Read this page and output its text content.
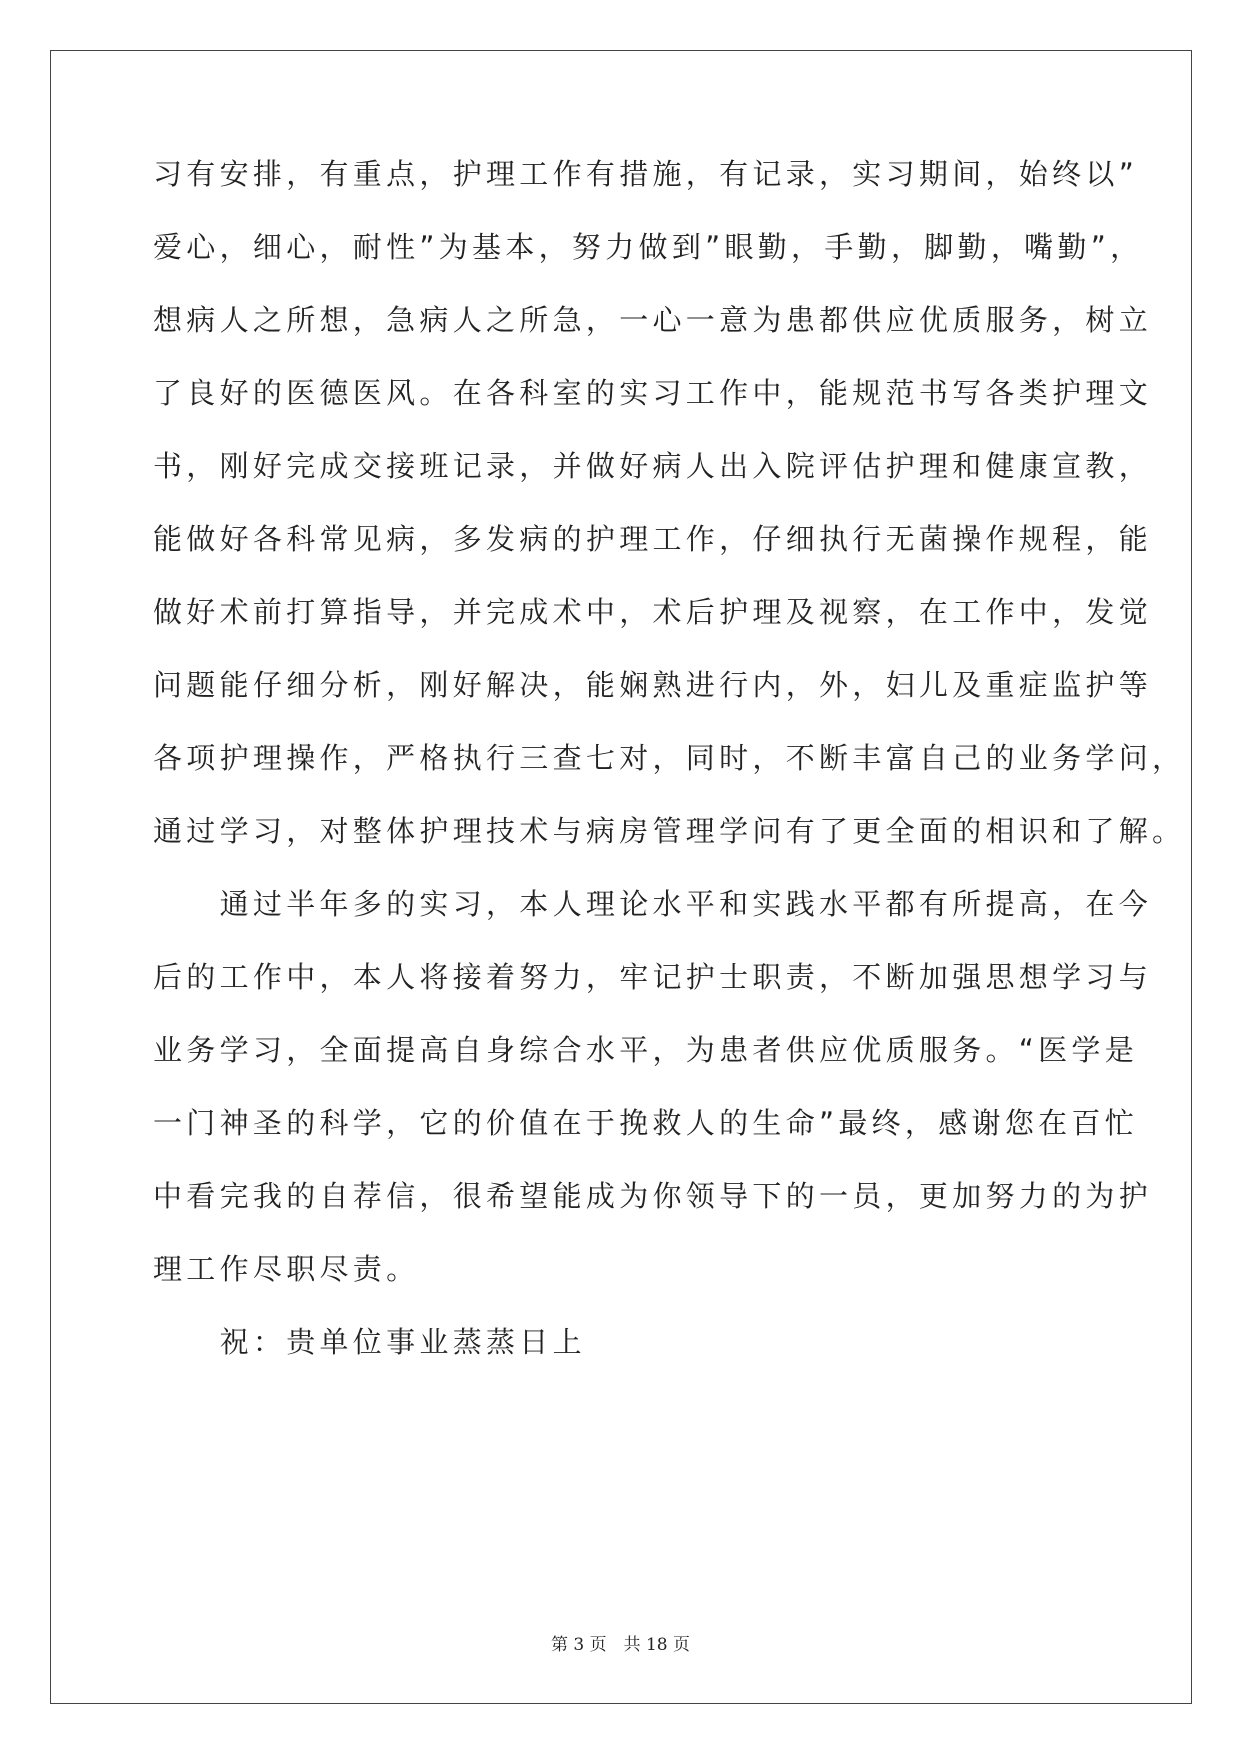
习有安排，有重点，护理工作有措施，有记录，实习期间，始终以”
爱心，细心，耐性”为基本，努力做到”眼勤，手勤，脚勤，嘴勤”，
想病人之所想，急病人之所急，一心一意为患都供应优质服务，树立
了良好的医德医风。在各科室的实习工作中，能规范书写各类护理文
书，刚好完成交接班记录，并做好病人出入院评估护理和健康宣教，
能做好各科常见病，多发病的护理工作，仔细执行无菌操作规程，能
做好术前打算指导，并完成术中，术后护理及视察，在工作中，发觉
问题能仔细分析，刚好解决，能娴熟进行内，外，妇儿及重症监护等
各项护理操作，严格执行三查七对，同时，不断丰富自己的业务学问，
通过学习，对整体护理技术与病房管理学问有了更全面的相识和了解。
　　通过半年多的实习，本人理论水平和实践水平都有所提高，在今
后的工作中，本人将接着努力，牢记护士职责，不断加强思想学习与
业务学习，全面提高自身综合水平，为患者供应优质服务。“医学是
一门神圣的科学，它的价值在于挽救人的生命”最终，感谢您在百忙
中看完我的自荐信，很希望能成为你领导下的一员，更加努力的为护
理工作尽职尽责。
　　祝：贵单位事业蒸蒸日上
第 3 页　共 18 页
